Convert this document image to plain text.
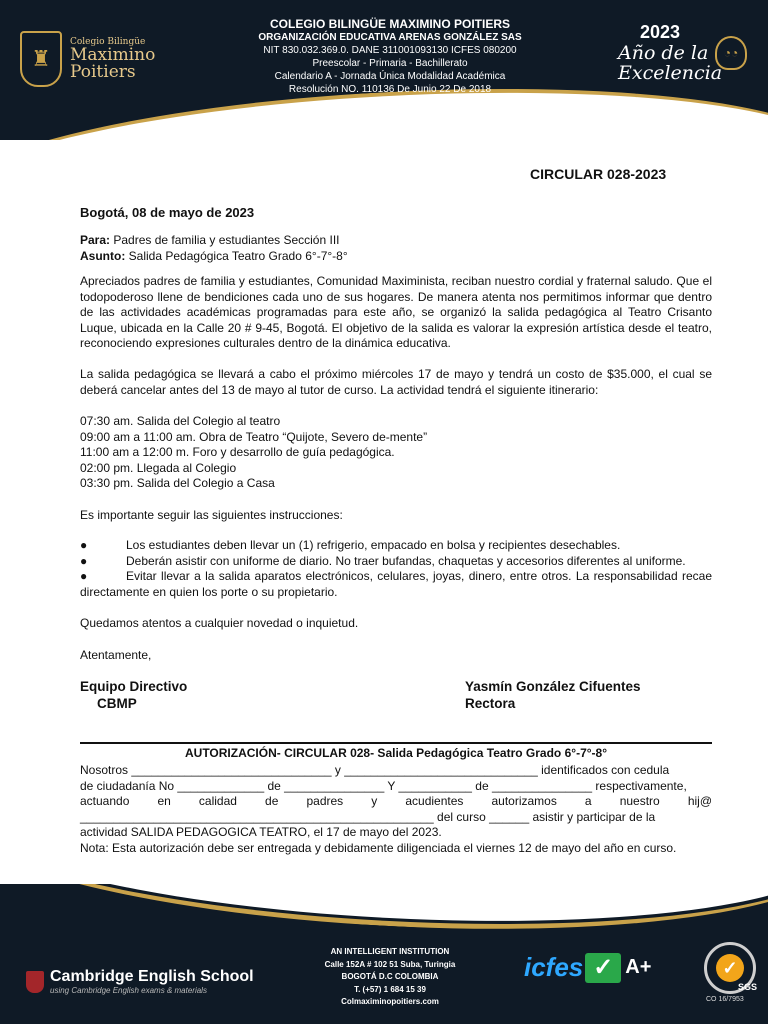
♜
Colegio Bilingüe
Maximino
Poitiers
COLEGIO BILINGÜE MAXIMINO POITIERS
ORGANIZACIÓN EDUCATIVA ARENAS GONZÁLEZ SAS
NIT 830.032.369.0. DANE 311001093130 ICFES 080200
Preescolar - Primaria - Bachillerato
Calendario A - Jornada Única Modalidad Académica
Resolución NO. 110136 De Junio 22 De 2018
2023
Año de la
Excelencia
◔◔
CIRCULAR 028-2023
Bogotá, 08 de mayo de 2023
Para: Padres de familia y estudiantes Sección III
Asunto: Salida Pedagógica Teatro Grado 6°-7°-8°
Apreciados padres de familia y estudiantes, Comunidad Maximinista, reciban nuestro cordial y fraternal saludo. Que el todopoderoso llene de bendiciones cada uno de sus hogares. De manera atenta nos permitimos informar que dentro de las actividades académicas programadas para este año, se organizó la salida pedagógica al Teatro Crisanto Luque, ubicada en la Calle 20 # 9-45, Bogotá. El objetivo de la salida es valorar la expresión artística desde el teatro, reconociendo expresiones culturales dentro de la dinámica educativa.
La salida pedagógica se llevará a cabo el próximo miércoles 17 de mayo y tendrá un costo de $35.000, el cual se deberá cancelar antes del 13 de mayo al tutor de curso. La actividad tendrá el siguiente itinerario:
07:30 am. Salida del Colegio al teatro
09:00 am a 11:00 am. Obra de Teatro “Quijote, Severo de-mente”
11:00 am a 12:00 m. Foro y desarrollo de guía pedagógica.
02:00 pm. Llegada al Colegio
03:30 pm. Salida del Colegio a Casa
Es importante seguir las siguientes instrucciones:
●	Los estudiantes deben llevar un (1) refrigerio, empacado en bolsa y recipientes desechables.
●	Deberán asistir con uniforme de diario. No traer bufandas, chaquetas y accesorios diferentes al uniforme.
●	Evitar llevar a la salida aparatos electrónicos, celulares, joyas, dinero, entre otros. La responsabilidad recae directamente en quien los porte o su propietario.
Quedamos atentos a cualquier novedad o inquietud.
Atentamente,
Equipo Directivo
CBMP
Yasmín González Cifuentes
Rectora
AUTORIZACIÓN- CIRCULAR 028- Salida Pedagógica Teatro Grado 6°-7°-8°
Nosotros ______________________________ y _____________________________ identificados con cedula
de ciudadanía No _____________ de _______________ Y ___________ de _______________ respectivamente,
actuando en calidad de padres y acudientes autorizamos a nuestro hij@
_____________________________________________________ del curso ______ asistir y participar de la
actividad SALIDA PEDAGOGICA TEATRO, el 17 de mayo del 2023.
Nota: Esta autorización debe ser entregada y debidamente diligenciada el viernes 12 de mayo del año en curso.
Cambridge English School
using Cambridge English exams & materials
AN INTELLIGENT INSTITUTION
Calle 152A # 102 51 Suba, Turingia
BOGOTÁ D.C COLOMBIA
T. (+57) 1 684 15 39
Colmaximinopoitiers.com
icfes ✓ A+	✓
SGS
CO 16/7953
